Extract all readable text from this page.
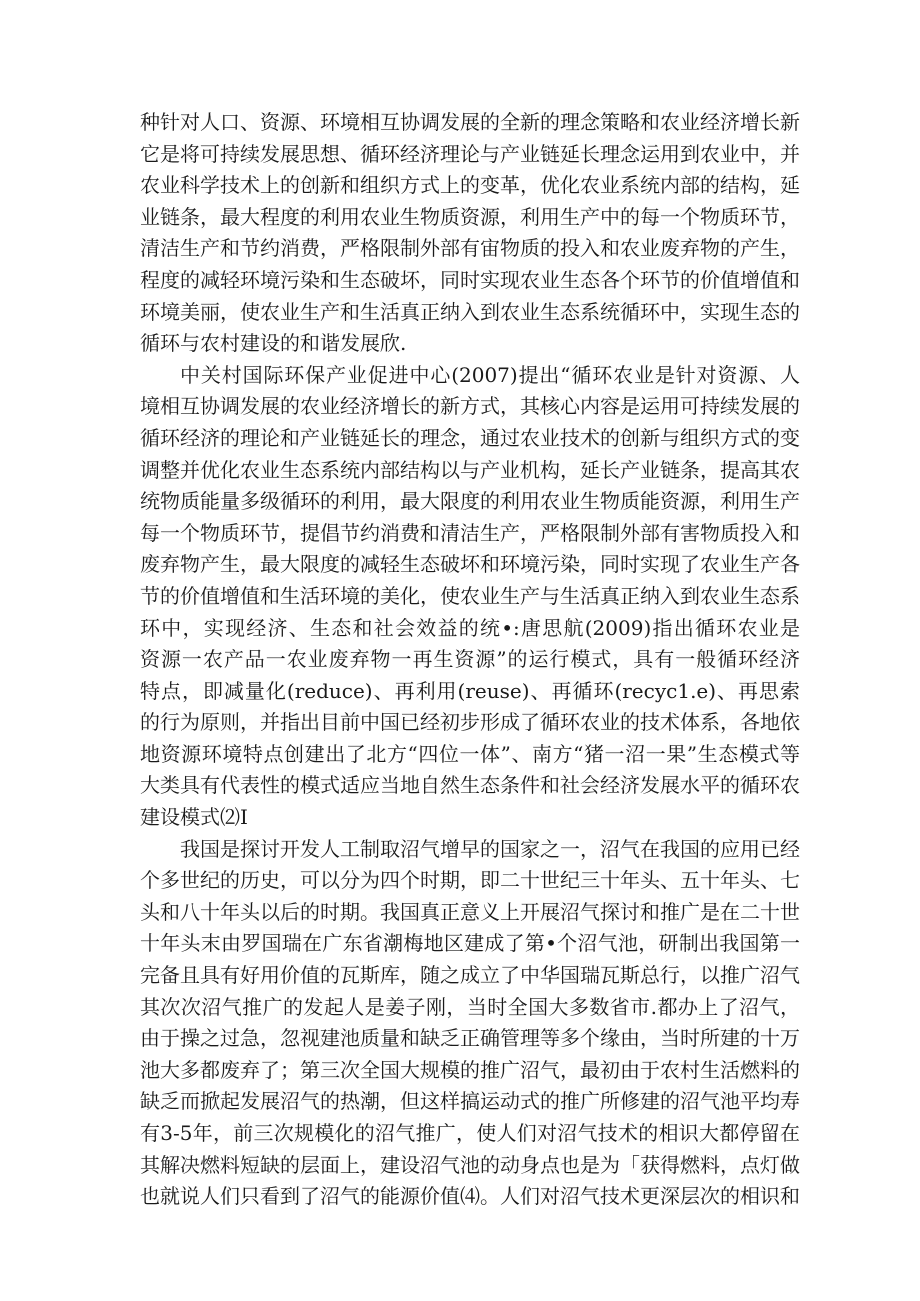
种针对人口、资源、环境相互协调发展的全新的理念策略和农业经济增长新
它是将可持续发展思想、循环经济理论与产业链延长理念运用到农业中，并
农业科学技术上的创新和组织方式上的变革，优化农业系统内部的结构，延
业链条，最大程度的利用农业生物质资源，利用生产中的每一个物质环节，
清洁生产和节约消费，严格限制外部有宙物质的投入和农业废弃物的产生，
程度的减轻环境污染和生态破坏，同时实现农业生态各个环节的价值增值和
环境美丽，使农业生产和生活真正纳入到农业生态系统循环中，实现生态的
循环与农村建设的和谐发展欣.
中关村国际环保产业促进中心(2007)提出“循环农业是针对资源、人
境相互协调发展的农业经济增长的新方式，其核心内容是运用可持续发展的
循环经济的理论和产业链延长的理念，通过农业技术的创新与组织方式的变
调整并优化农业生态系统内部结构以与产业机构，延长产业链条，提高其农
统物质能量多级循环的利用，最大限度的利用农业生物质能资源，利用生产
每一个物质环节，提倡节约消费和清洁生产，严格限制外部有害物质投入和
废弃物产生，最大限度的减轻生态破坏和环境污染，同时实现了农业生产各
节的价值增值和生活环境的美化，使农业生产与生活真正纳入到农业生态系
环中，实现经济、生态和社会效益的统•:唐思航(2009)指出循环农业是
资源一农产品一农业废弃物一再生资源”的运行模式，具有一般循环经济
特点，即减量化(reduce)、再利用(reuse)、再循环(recyc1.e)、再思索
的行为原则，并指出目前中国已经初步形成了循环农业的技术体系，各地依
地资源环境特点创建出了北方“四位一体”、南方“猪一沼一果”生态模式等
大类具有代表性的模式适应当地自然生态条件和社会经济发展水平的循环农
建设模式⑵I
我国是探讨开发人工制取沼气增早的国家之一，沼气在我国的应用已经
个多世纪的历史，可以分为四个时期，即二十世纪三十年头、五十年头、七
头和八十年头以后的时期。我国真正意义上开展沼气探讨和推广是在二十世
十年头末由罗国瑞在广东省潮梅地区建成了第•个沼气池，研制出我国第一
完备且具有好用价值的瓦斯库，随之成立了中华国瑞瓦斯总行，以推广沼气
其次次沼气推广的发起人是姜子刚，当时全国大多数省市.都办上了沼气，
由于操之过急，忽视建池质量和缺乏正确管理等多个缘由，当时所建的十万
池大多都废弃了；第三次全国大规模的推广沼气，最初由于农村生活燃料的
缺乏而掀起发展沼气的热潮，但这样搞运动式的推广所修建的沼气池平均寿
有3-5年，前三次规模化的沼气推广，使人们对沼气技术的相识大都停留在
其解决燃料短缺的层面上，建设沼气池的动身点也是为「获得燃料，点灯做
也就说人们只看到了沼气的能源价值⑷。人们对沼气技术更深层次的相识和
